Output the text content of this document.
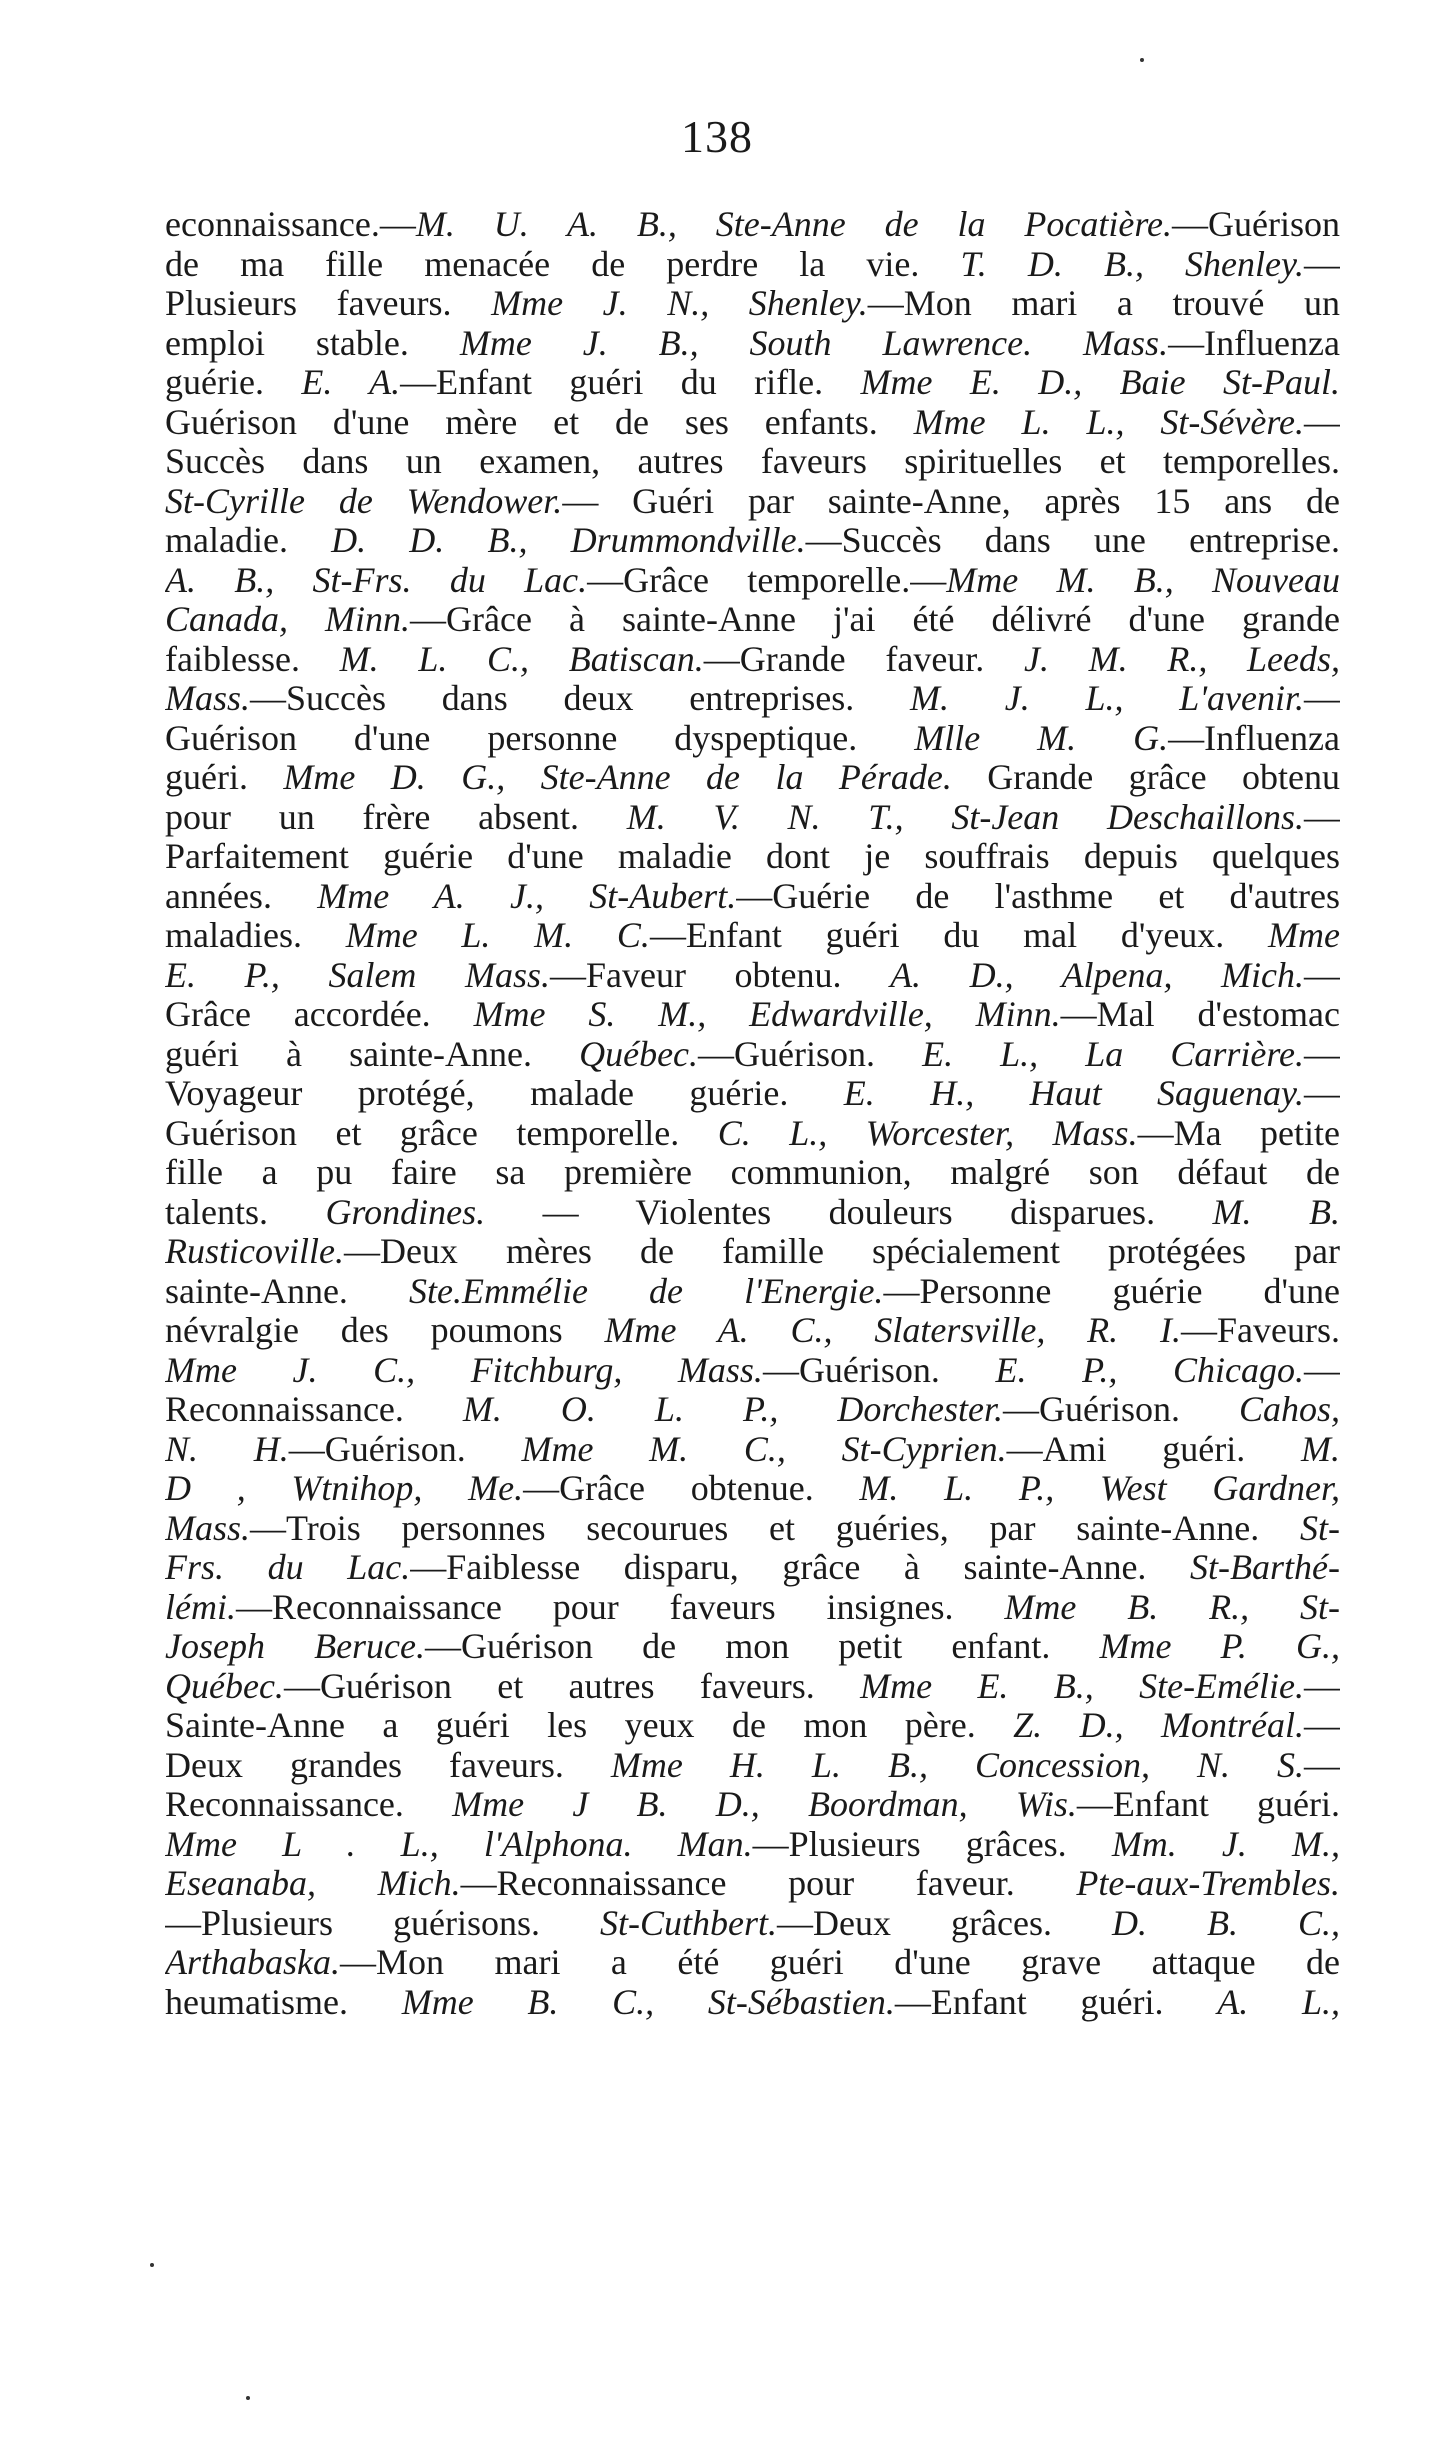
138
econnaissance.—M. U. A. B., Ste-Anne de la Pocatière.—Guérison
de ma fille menacée de perdre la vie. T. D. B., Shenley.—
Plusieurs faveurs. Mme J. N., Shenley.—Mon mari a trouvé un
emploi stable. Mme J. B., South Lawrence. Mass.—Influenza
guérie. E. A.—Enfant guéri du rifle. Mme E. D., Baie St-Paul.
Guérison d'une mère et de ses enfants. Mme L. L., St-Sévère.—
Succès dans un examen, autres faveurs spirituelles et temporelles.
St-Cyrille de Wendower.— Guéri par sainte-Anne, après 15 ans de
maladie. D. D. B., Drummondville.—Succès dans une entreprise.
A. B., St-Frs. du Lac.—Grâce temporelle.—Mme M. B., Nouveau
Canada, Minn.—Grâce à sainte-Anne j'ai été délivré d'une grande
faiblesse. M. L. C., Batiscan.—Grande faveur. J. M. R., Leeds,
Mass.—Succès dans deux entreprises. M. J. L., L'avenir.—
Guérison d'une personne dyspeptique. Mlle M. G.—Influenza
guéri. Mme D. G., Ste-Anne de la Pérade. Grande grâce obtenu
pour un frère absent. M. V. N. T., St-Jean Deschaillons.—
Parfaitement guérie d'une maladie dont je souffrais depuis quelques
années. Mme A. J., St-Aubert.—Guérie de l'asthme et d'autres
maladies. Mme L. M. C.—Enfant guéri du mal d'yeux. Mme
E. P., Salem Mass.—Faveur obtenu. A. D., Alpena, Mich.—
Grâce accordée. Mme S. M., Edwardville, Minn.—Mal d'estomac
guéri à sainte-Anne. Québec.—Guérison. E. L., La Carrière.—
Voyageur protégé, malade guérie. E. H., Haut Saguenay.—
Guérison et grâce temporelle. C. L., Worcester, Mass.—Ma petite
fille a pu faire sa première communion, malgré son défaut de
talents. Grondines. — Violentes douleurs disparues. M. B.
Rusticoville.—Deux mères de famille spécialement protégées par
sainte-Anne. Ste.Emmélie de l'Energie.—Personne guérie d'une
névralgie des poumons Mme A. C., Slatersville, R. I.—Faveurs.
Mme J. C., Fitchburg, Mass.—Guérison. E. P., Chicago.—
Reconnaissance. M. O. L. P., Dorchester.—Guérison. Cahos,
N. H.—Guérison. Mme M. C., St-Cyprien.—Ami guéri. M.
D , Wtnihop, Me.—Grâce obtenue. M. L. P., West Gardner,
Mass.—Trois personnes secourues et guéries, par sainte-Anne. St-
Frs. du Lac.—Faiblesse disparu, grâce à sainte-Anne. St-Barthé-
lémi.—Reconnaissance pour faveurs insignes. Mme B. R., St-
Joseph Beruce.—Guérison de mon petit enfant. Mme P. G.,
Québec.—Guérison et autres faveurs. Mme E. B., Ste-Emélie.—
Sainte-Anne a guéri les yeux de mon père. Z. D., Montréal.—
Deux grandes faveurs. Mme H. L. B., Concession, N. S.—
Reconnaissance. Mme J B. D., Boordman, Wis.—Enfant guéri.
Mme L . L., l'Alphona. Man.—Plusieurs grâces. Mm. J. M.,
Eseanaba, Mich.—Reconnaissance pour faveur. Pte-aux-Trembles.
—Plusieurs guérisons. St-Cuthbert.—Deux grâces. D. B. C.,
Arthabaska.—Mon mari a été guéri d'une grave attaque de
heumatisme. Mme B. C., St-Sébastien.—Enfant guéri. A. L.,
